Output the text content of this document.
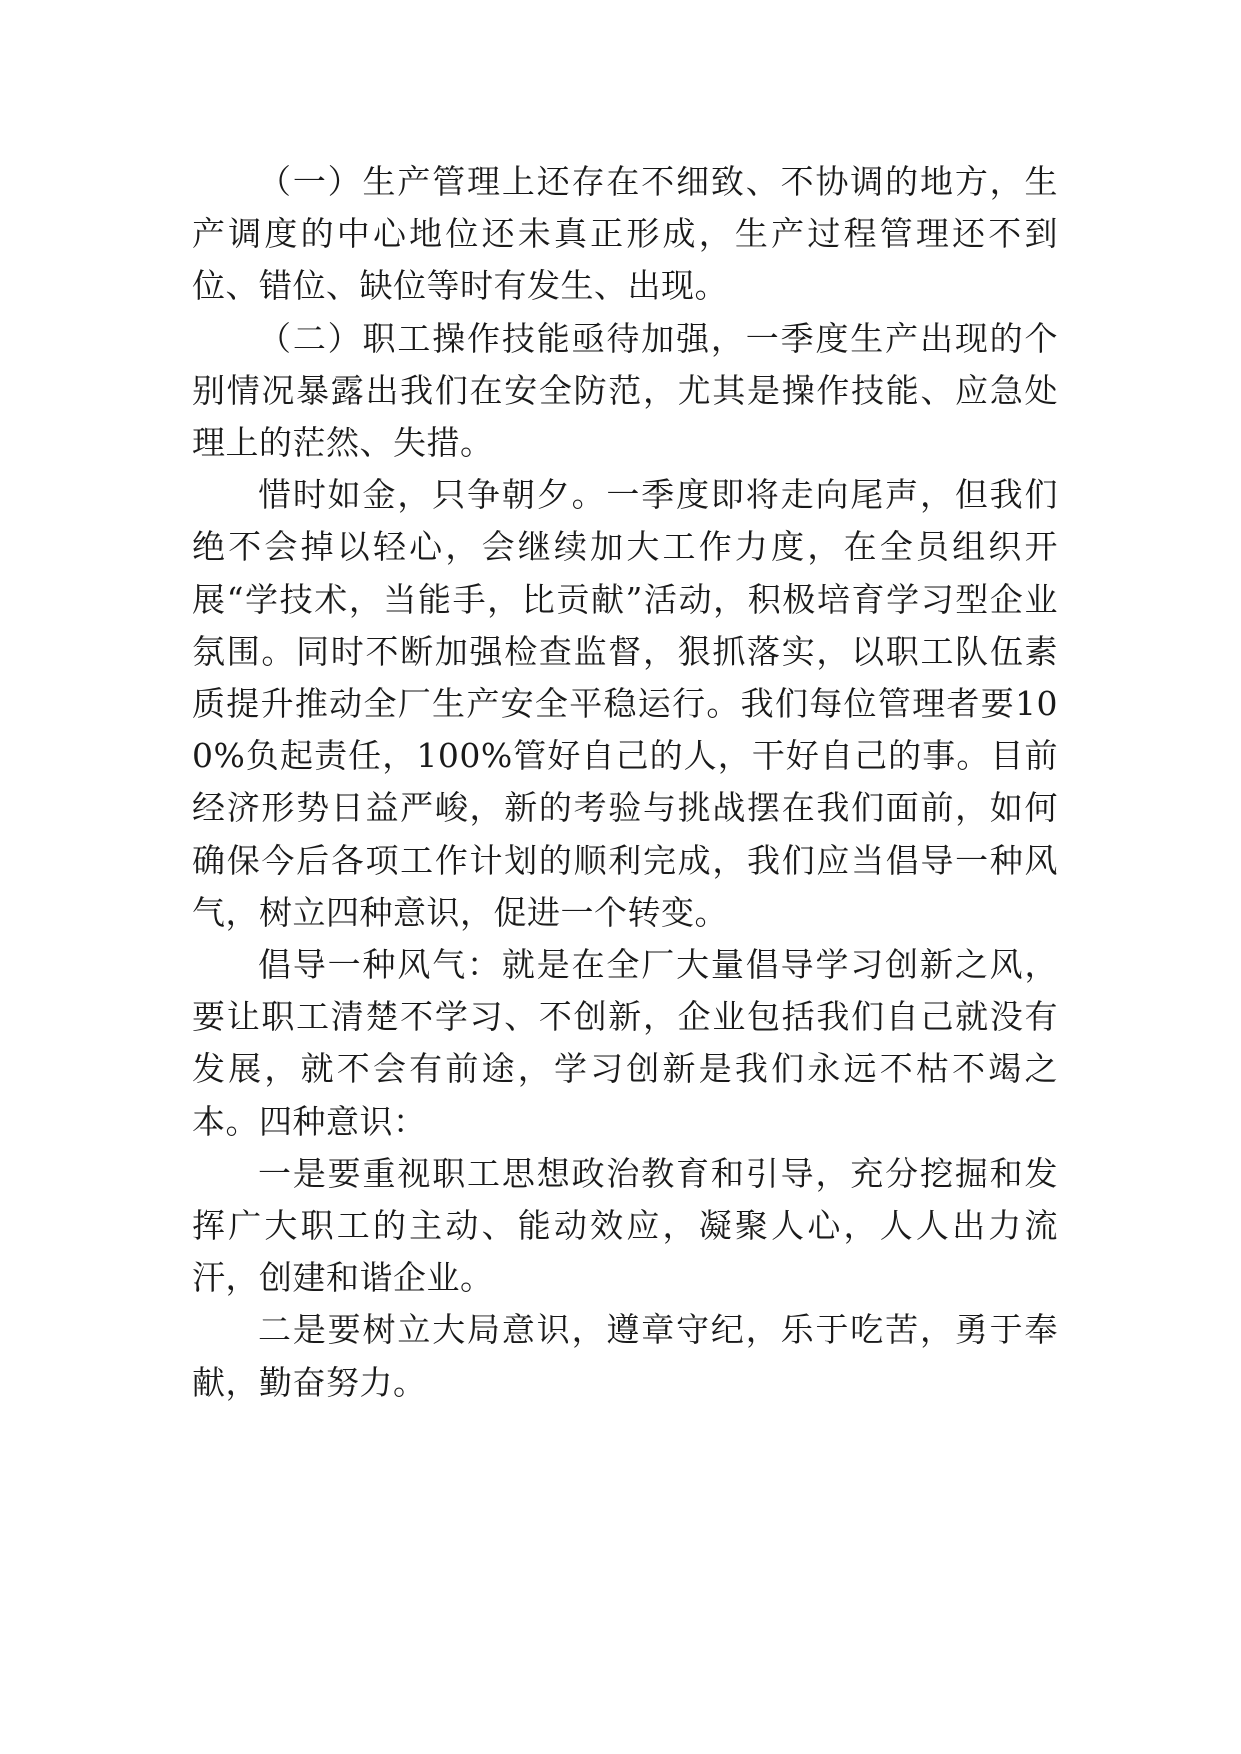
（一）生产管理上还存在不细致、不协调的地方，生产调度的中心地位还未真正形成，生产过程管理还不到位、错位、缺位等时有发生、出现。

（二）职工操作技能亟待加强，一季度生产出现的个别情况暴露出我们在安全防范，尤其是操作技能、应急处理上的茫然、失措。

惜时如金，只争朝夕。一季度即将走向尾声，但我们绝不会掉以轻心，会继续加大工作力度，在全员组织开展“学技术，当能手，比贡献”活动，积极培育学习型企业氛围。同时不断加强检查监督，狠抓落实，以职工队伍素质提升推动全厂生产安全平稳运行。我们每位管理者要100%负起责任，100%管好自己的人，干好自己的事。目前经济形势日益严峻，新的考验与挑战摆在我们面前，如何确保今后各项工作计划的顺利完成，我们应当倡导一种风气，树立四种意识，促进一个转变。

倡导一种风气：就是在全厂大量倡导学习创新之风，要让职工清楚不学习、不创新，企业包括我们自己就没有发展，就不会有前途，学习创新是我们永远不枯不竭之本。四种意识：

一是要重视职工思想政治教育和引导，充分挖掘和发挥广大职工的主动、能动效应，凝聚人心，人人出力流汗，创建和谐企业。

二是要树立大局意识，遵章守纪，乐于吃苦，勇于奉献，勤奋努力。
